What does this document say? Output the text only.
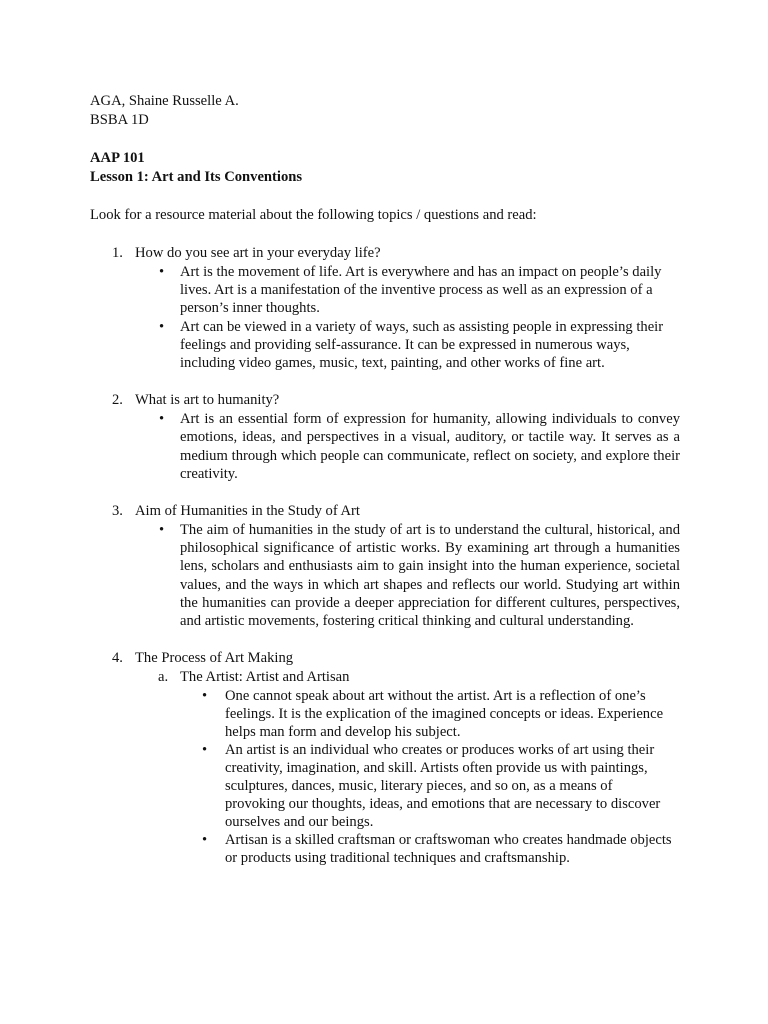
AGA, Shaine Russelle A.
BSBA 1D
AAP 101
Lesson 1: Art and Its Conventions
Look for a resource material about the following topics / questions and read:
1. How do you see art in your everyday life?
• Art is the movement of life. Art is everywhere and has an impact on people’s daily lives. Art is a manifestation of the inventive process as well as an expression of a person’s inner thoughts.
• Art can be viewed in a variety of ways, such as assisting people in expressing their feelings and providing self-assurance. It can be expressed in numerous ways, including video games, music, text, painting, and other works of fine art.
2. What is art to humanity?
• Art is an essential form of expression for humanity, allowing individuals to convey emotions, ideas, and perspectives in a visual, auditory, or tactile way. It serves as a medium through which people can communicate, reflect on society, and explore their creativity.
3. Aim of Humanities in the Study of Art
• The aim of humanities in the study of art is to understand the cultural, historical, and philosophical significance of artistic works. By examining art through a humanities lens, scholars and enthusiasts aim to gain insight into the human experience, societal values, and the ways in which art shapes and reflects our world. Studying art within the humanities can provide a deeper appreciation for different cultures, perspectives, and artistic movements, fostering critical thinking and cultural understanding.
4. The Process of Art Making
a. The Artist: Artist and Artisan
• One cannot speak about art without the artist. Art is a reflection of one’s feelings. It is the explication of the imagined concepts or ideas. Experience helps man form and develop his subject.
• An artist is an individual who creates or produces works of art using their creativity, imagination, and skill. Artists often provide us with paintings, sculptures, dances, music, literary pieces, and so on, as a means of provoking our thoughts, ideas, and emotions that are necessary to discover ourselves and our beings.
• Artisan is a skilled craftsman or craftswoman who creates handmade objects or products using traditional techniques and craftsmanship.
